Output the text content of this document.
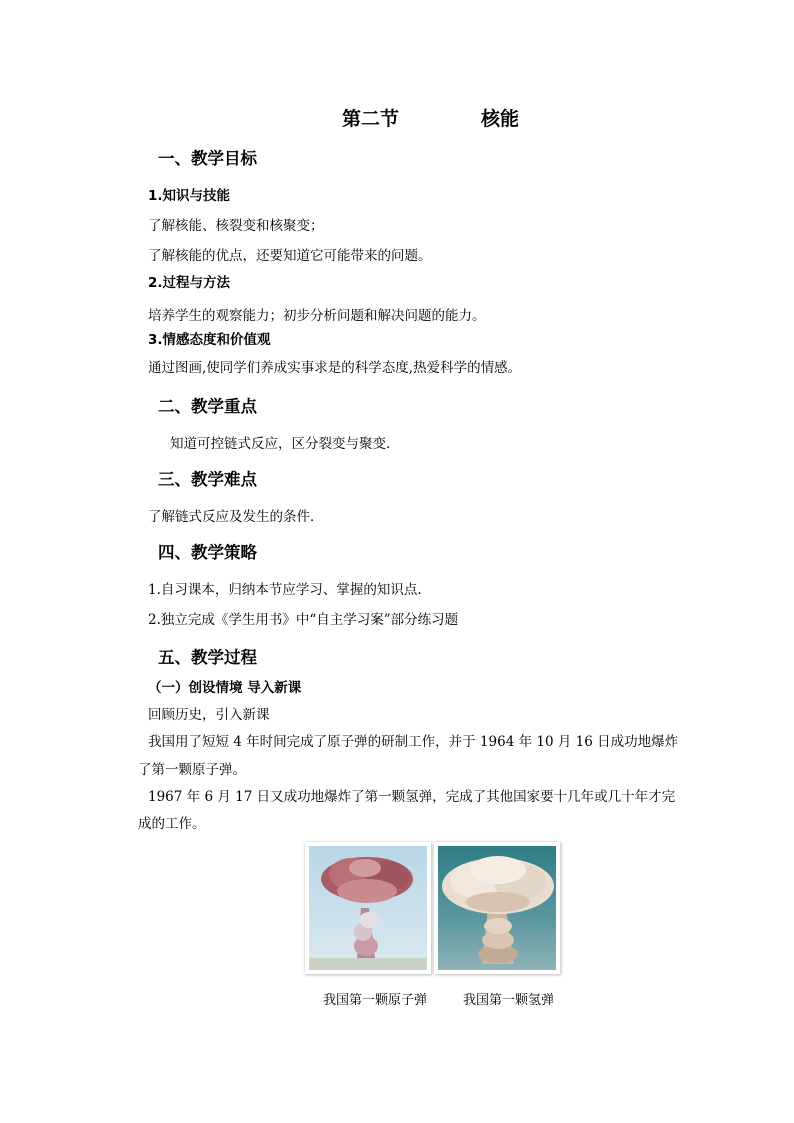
第二节	核能
一、教学目标
1.知识与技能
了解核能、核裂变和核聚变；
了解核能的优点，还要知道它可能带来的问题。
2.过程与方法
培养学生的观察能力；初步分析问题和解决问题的能力。
3.情感态度和价值观
通过图画,使同学们养成实事求是的科学态度,热爱科学的情感。
二、教学重点
知道可控链式反应，区分裂变与聚变．
三、教学难点
了解链式反应及发生的条件．
四、教学策略
1.自习课本，归纳本节应学习、掌握的知识点.
2.独立完成《学生用书》中“自主学习案”部分练习题
五、教学过程
（一）创设情境 导入新课
回顾历史，引入新课
我国用了短短 4 年时间完成了原子弹的研制工作，并于 1964 年 10 月 16 日成功地爆炸
了第一颗原子弹。
1967 年 6 月 17 日又成功地爆炸了第一颗氢弹，完成了其他国家要十几年或几十年才完
成的工作。
我国第一颗原子弹	我国第一颗氢弹
